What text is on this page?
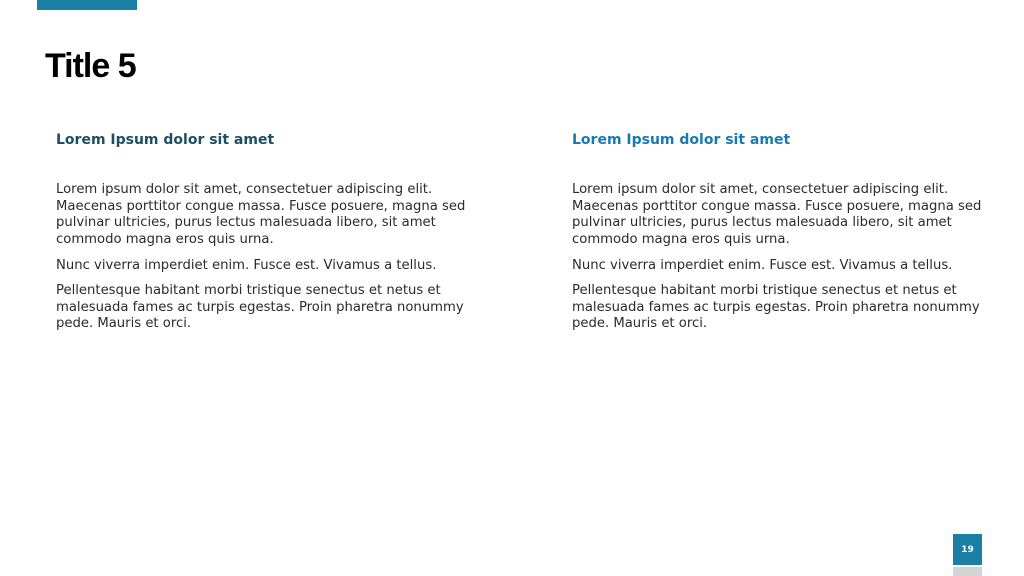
Title 5
Lorem Ipsum dolor sit amet

Lorem ipsum dolor sit amet, consectetuer adipiscing elit. Maecenas porttitor congue massa. Fusce posuere, magna sed pulvinar ultricies, purus lectus malesuada libero, sit amet commodo magna eros quis urna.

Nunc viverra imperdiet enim. Fusce est. Vivamus a tellus.

Pellentesque habitant morbi tristique senectus et netus et malesuada fames ac turpis egestas. Proin pharetra nonummy pede. Mauris et orci.

Lorem Ipsum dolor sit amet

Lorem ipsum dolor sit amet, consectetuer adipiscing elit. Maecenas porttitor congue massa. Fusce posuere, magna sed pulvinar ultricies, purus lectus malesuada libero, sit amet commodo magna eros quis urna.

Nunc viverra imperdiet enim. Fusce est. Vivamus a tellus.

Pellentesque habitant morbi tristique senectus et netus et malesuada fames ac turpis egestas. Proin pharetra nonummy pede. Mauris et orci.

19
